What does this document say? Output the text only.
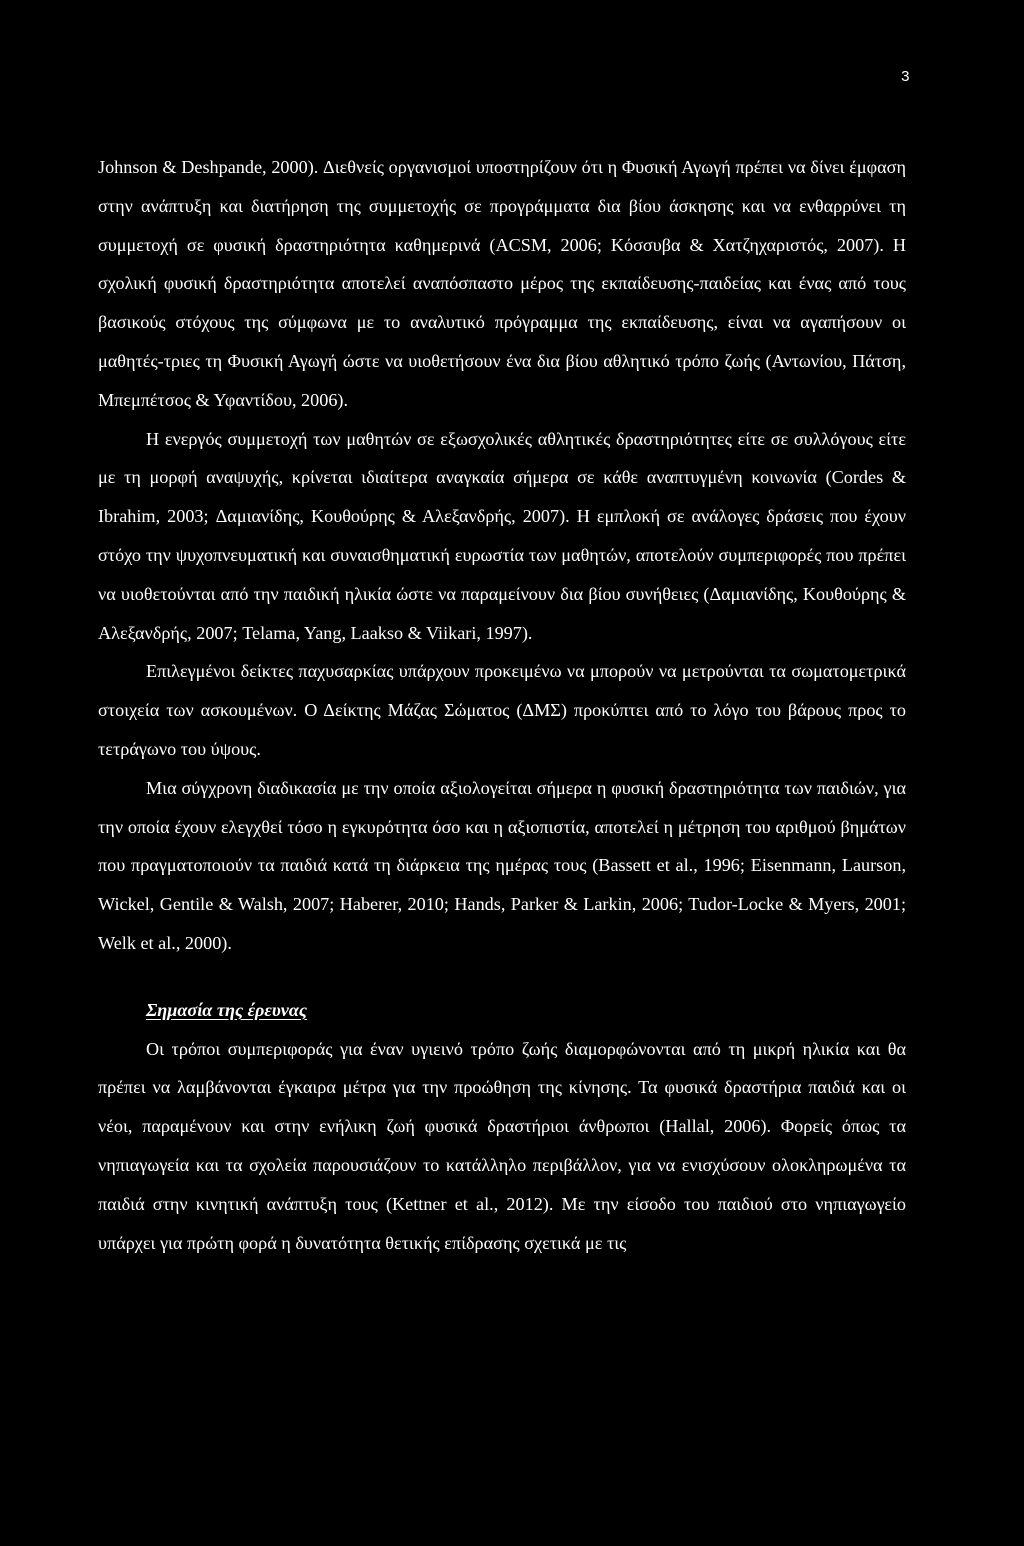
3

Johnson & Deshpande, 2000). Διεθνείς οργανισμοί υποστηρίζουν ότι η Φυσική Αγωγή πρέπει να δίνει έμφαση στην ανάπτυξη και διατήρηση της συμμετοχής σε προγράμματα δια βίου άσκησης και να ενθαρρύνει τη συμμετοχή σε φυσική δραστηριότητα καθημερινά (ACSM, 2006; Κόσσυβα & Χατζηχαριστός, 2007). Η σχολική φυσική δραστηριότητα αποτελεί αναπόσπαστο μέρος της εκπαίδευσης-παιδείας και ένας από τους βασικούς στόχους της σύμφωνα με το αναλυτικό πρόγραμμα της εκπαίδευσης, είναι να αγαπήσουν οι μαθητές-τριες τη Φυσική Αγωγή ώστε να υιοθετήσουν ένα δια βίου αθλητικό τρόπο ζωής (Αντωνίου, Πάτση, Μπεμπέτσος & Υφαντίδου, 2006).

Η ενεργός συμμετοχή των μαθητών σε εξωσχολικές αθλητικές δραστηριότητες είτε σε συλλόγους είτε με τη μορφή αναψυχής, κρίνεται ιδιαίτερα αναγκαία σήμερα σε κάθε αναπτυγμένη κοινωνία (Cordes & Ibrahim, 2003; Δαμιανίδης, Κουθούρης & Αλεξανδρής, 2007). Η εμπλοκή σε ανάλογες δράσεις που έχουν στόχο την ψυχοπνευματική και συναισθηματική ευρωστία των μαθητών, αποτελούν συμπεριφορές που πρέπει να υιοθετούνται από την παιδική ηλικία ώστε να παραμείνουν δια βίου συνήθειες (Δαμιανίδης, Κουθούρης & Αλεξανδρής, 2007; Telama, Yang, Laakso & Viikari, 1997).

Επιλεγμένοι δείκτες παχυσαρκίας υπάρχουν προκειμένω να μπορούν να μετρούνται τα σωματομετρικά στοιχεία των ασκουμένων. Ο Δείκτης Μάζας Σώματος (ΔΜΣ) προκύπτει από το λόγο του βάρους προς το τετράγωνο του ύψους.

Μια σύγχρονη διαδικασία με την οποία αξιολογείται σήμερα η φυσική δραστηριότητα των παιδιών, για την οποία έχουν ελεγχθεί τόσο η εγκυρότητα όσο και η αξιοπιστία, αποτελεί η μέτρηση του αριθμού βημάτων που πραγματοποιούν τα παιδιά κατά τη διάρκεια της ημέρας τους (Bassett et al., 1996; Eisenmann, Laurson, Wickel, Gentile & Walsh, 2007; Haberer, 2010; Hands, Parker & Larkin, 2006; Tudor-Locke & Myers, 2001; Welk et al., 2000).

Σημασία της έρευνας

Οι τρόποι συμπεριφοράς για έναν υγιεινό τρόπο ζωής διαμορφώνονται από τη μικρή ηλικία και θα πρέπει να λαμβάνονται έγκαιρα μέτρα για την προώθηση της κίνησης. Τα φυσικά δραστήρια παιδιά και οι νέοι, παραμένουν και στην ενήλικη ζωή φυσικά δραστήριοι άνθρωποι (Hallal, 2006). Φορείς όπως τα νηπιαγωγεία και τα σχολεία παρουσιάζουν το κατάλληλο περιβάλλον, για να ενισχύσουν ολοκληρωμένα τα παιδιά στην κινητική ανάπτυξη τους (Kettner et al., 2012). Με την είσοδο του παιδιού στο νηπιαγωγείο υπάρχει για πρώτη φορά η δυνατότητα θετικής επίδρασης σχετικά με τις
